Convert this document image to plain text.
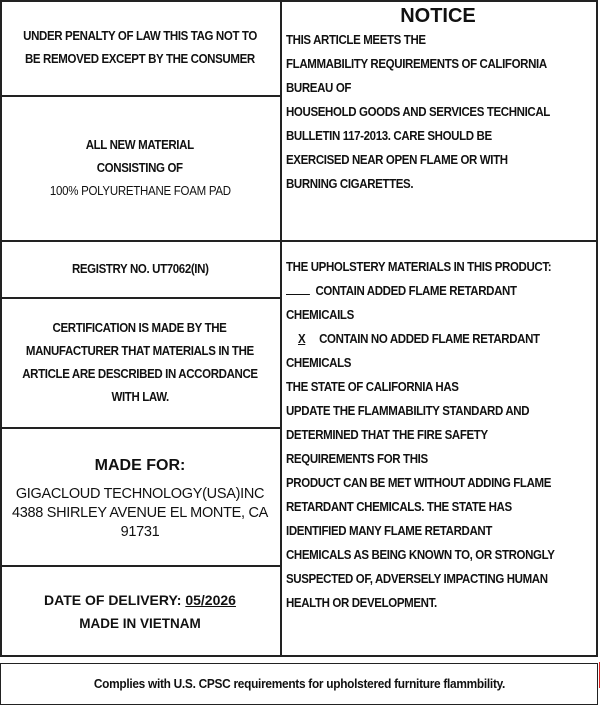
UNDER PENALTY OF LAW THIS TAG NOT TO
BE REMOVED EXCEPT BY THE CONSUMER
ALL NEW MATERIAL
CONSISTING OF
100% POLYURETHANE FOAM PAD
REGISTRY NO. UT7062(IN)
CERTIFICATION IS MADE BY THE
MANUFACTURER THAT MATERIALS IN THE
ARTICLE ARE DESCRIBED IN ACCORDANCE
WITH LAW.
MADE FOR:
GIGACLOUD TECHNOLOGY(USA)INC
4388 SHIRLEY AVENUE EL MONTE, CA
91731
DATE OF DELIVERY: 05/2026
MADE IN VIETNAM
NOTICE
THIS ARTICLE MEETS THE
FLAMMABILITY REQUIREMENTS OF CALIFORNIA
BUREAU OF
HOUSEHOLD GOODS AND SERVICES TECHNICAL
BULLETIN 117-2013. CARE SHOULD BE
EXERCISED NEAR OPEN FLAME OR WITH
BURNING CIGARETTES.
THE UPHOLSTERY MATERIALS IN THIS PRODUCT:
CONTAIN ADDED FLAME RETARDANT
CHEMICAILS
X CONTAIN NO ADDED FLAME RETARDANT
CHEMICALS
THE STATE OF CALIFORNIA HAS
UPDATE THE FLAMMABILITY STANDARD AND
DETERMINED THAT THE FIRE SAFETY
REQUIREMENTS FOR THIS
PRODUCT CAN BE MET WITHOUT ADDING FLAME
RETARDANT CHEMICALS. THE STATE HAS
IDENTIFIED MANY FLAME RETARDANT
CHEMICALS AS BEING KNOWN TO, OR STRONGLY
SUSPECTED OF, ADVERSELY IMPACTING HUMAN
HEALTH OR DEVELOPMENT.
Complies with U.S. CPSC requirements for upholstered furniture flammbility.
